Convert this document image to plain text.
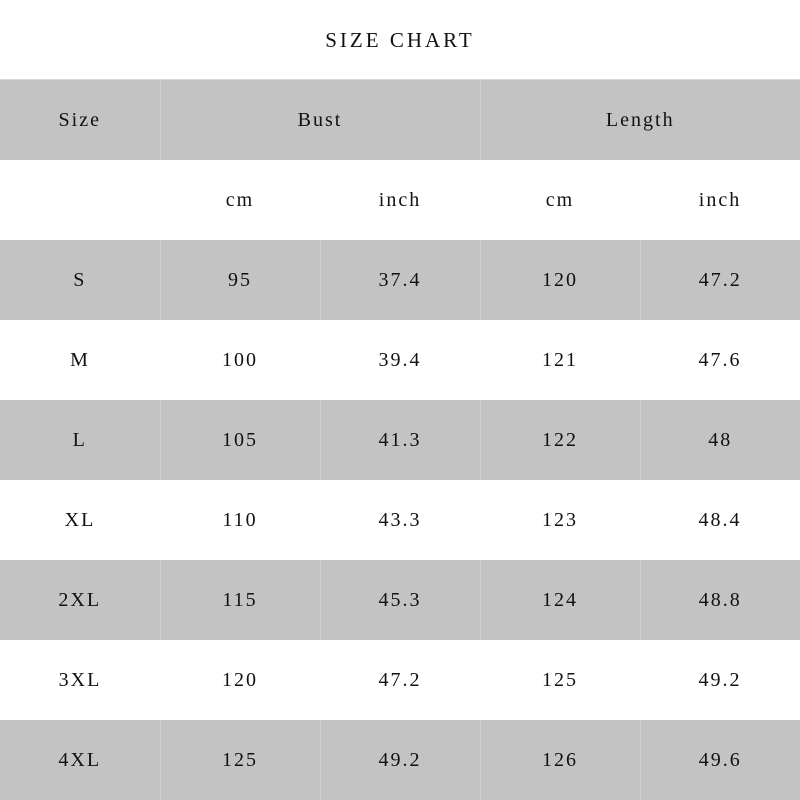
SIZE CHART
Size	Bust		Length	
	cm	inch	cm	inch
S	95	37.4	120	47.2
M	100	39.4	121	47.6
L	105	41.3	122	48
XL	110	43.3	123	48.4
2XL	115	45.3	124	48.8
3XL	120	47.2	125	49.2
4XL	125	49.2	126	49.6
